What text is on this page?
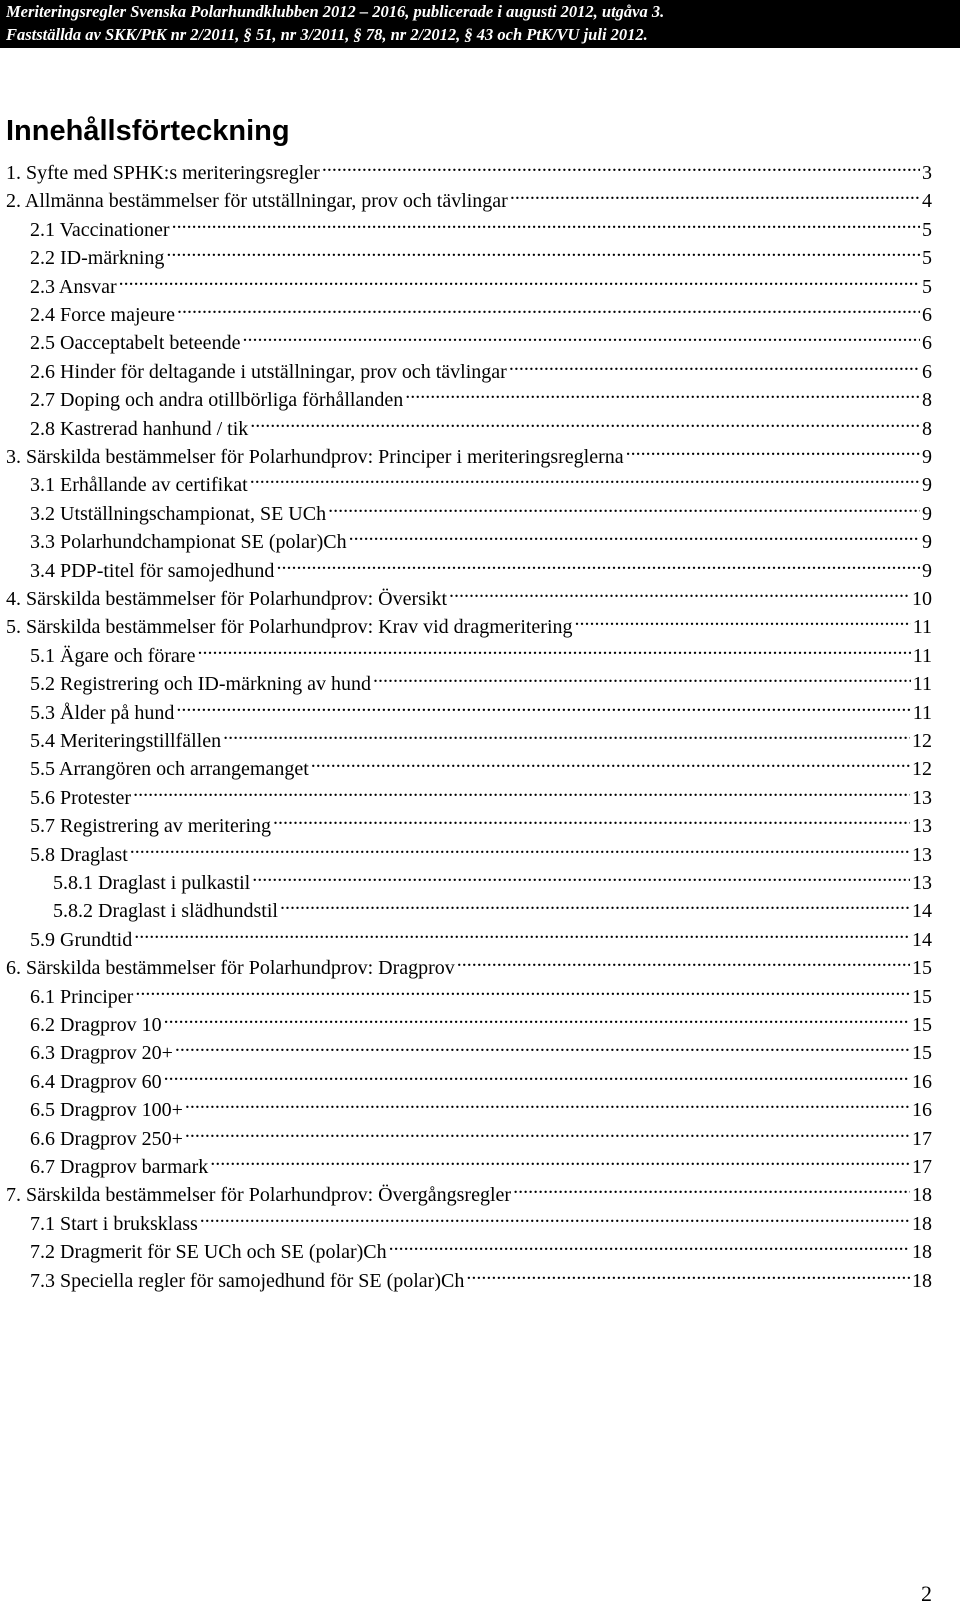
Meriteringsregler Svenska Polarhundklubben 2012 – 2016, publicerade i augusti 2012, utgåva 3.
Fastställda av SKK/PtK nr 2/2011, § 51, nr 3/2011, § 78, nr 2/2012, § 43 och PtK/VU juli 2012.
Innehållsförteckning
1. Syfte med SPHK:s meriteringsregler .....	3
2. Allmänna bestämmelser för utställningar, prov och tävlingar .....	4
2.1 Vaccinationer .....	5
2.2 ID-märkning .....	5
2.3 Ansvar .....	5
2.4 Force majeure .....	6
2.5 Oacceptabelt beteende .....	6
2.6 Hinder för deltagande i utställningar, prov och tävlingar .....	6
2.7 Doping och andra otillbörliga förhållanden .....	8
2.8 Kastrerad hanhund / tik .....	8
3. Särskilda bestämmelser för Polarhundprov: Principer i meriteringsreglerna .....	9
3.1 Erhållande av certifikat .....	9
3.2 Utställningschampionat, SE UCh .....	9
3.3 Polarhundchampionat SE (polar)Ch .....	9
3.4 PDP-titel för samojedhund .....	9
4. Särskilda bestämmelser för Polarhundprov: Översikt .....	10
5. Särskilda bestämmelser för Polarhundprov: Krav vid dragmeritering .....	11
5.1 Ägare och förare .....	11
5.2 Registrering och ID-märkning av hund .....	11
5.3 Ålder på hund .....	11
5.4 Meriteringstillfällen .....	12
5.5 Arrangören och arrangemanget .....	12
5.6 Protester .....	13
5.7 Registrering av meritering .....	13
5.8 Draglast .....	13
5.8.1 Draglast i pulkastil .....	13
5.8.2 Draglast i slädhundstil .....	14
5.9 Grundtid .....	14
6. Särskilda bestämmelser för Polarhundprov: Dragprov .....	15
6.1 Principer .....	15
6.2 Dragprov 10 .....	15
6.3 Dragprov 20+ .....	15
6.4 Dragprov 60 .....	16
6.5 Dragprov 100+ .....	16
6.6 Dragprov 250+ .....	17
6.7 Dragprov barmark .....	17
7. Särskilda bestämmelser för Polarhundprov: Övergångsregler .....	18
7.1 Start i bruksklass .....	18
7.2 Dragmerit för SE UCh och SE (polar)Ch .....	18
7.3 Speciella regler för samojedhund för SE (polar)Ch .....	18
2
